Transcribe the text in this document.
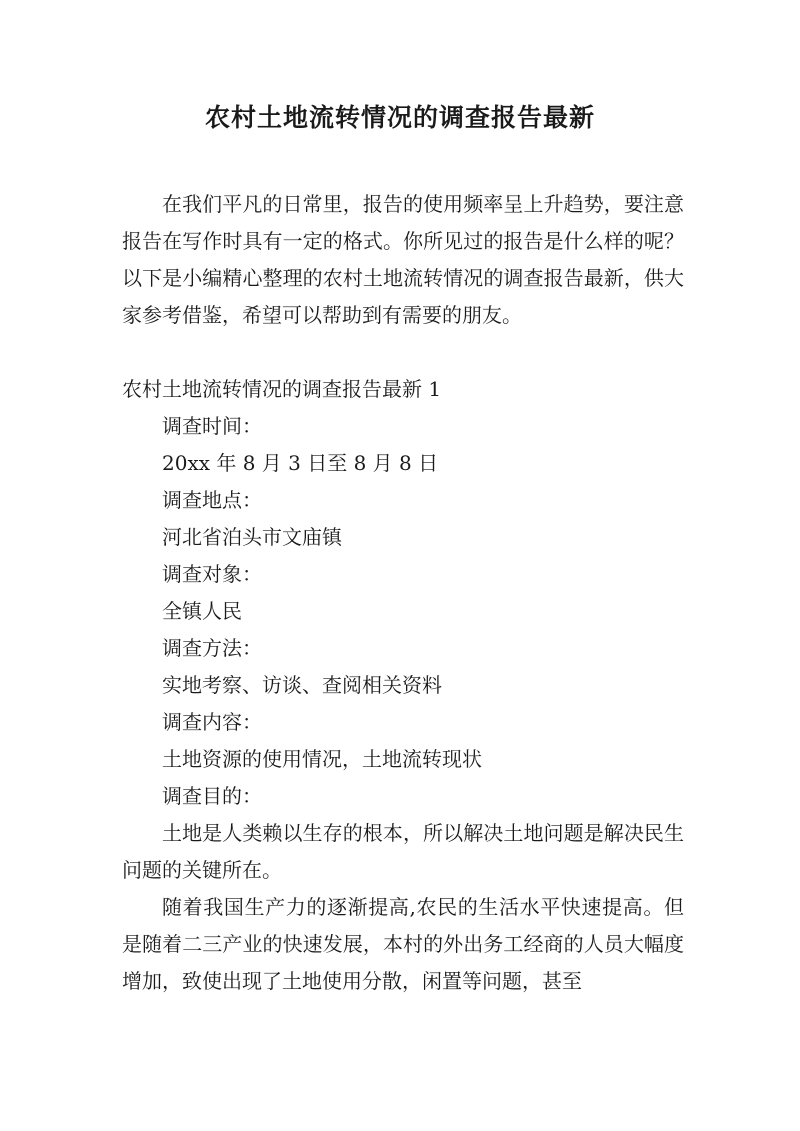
农村土地流转情况的调查报告最新

在我们平凡的日常里，报告的使用频率呈上升趋势，要注意报告在写作时具有一定的格式。你所见过的报告是什么样的呢？以下是小编精心整理的农村土地流转情况的调查报告最新，供大家参考借鉴，希望可以帮助到有需要的朋友。

农村土地流转情况的调查报告最新 1

调查时间：

20xx 年 8 月 3 日至 8 月 8 日

调查地点：

河北省泊头市文庙镇

调查对象：

全镇人民

调查方法：

实地考察、访谈、查阅相关资料

调查内容：

土地资源的使用情况，土地流转现状

调查目的：

土地是人类赖以生存的根本，所以解决土地问题是解决民生问题的关键所在。

随着我国生产力的逐渐提高,农民的生活水平快速提高。但是随着二三产业的快速发展，本村的外出务工经商的人员大幅度增加，致使出现了土地使用分散，闲置等问题，甚至
